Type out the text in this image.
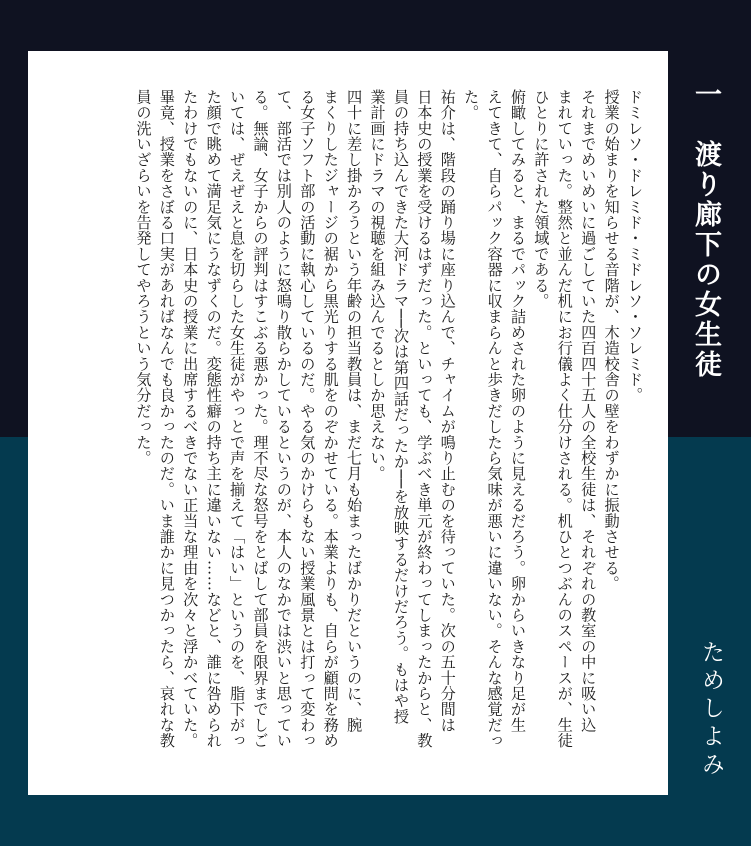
ドミレソ・ドレミド・ミドレソ・ソレミド。
授業の始まりを知らせる音階が、木造校舎の壁をわずかに振動させる。
それまでめいめいに過ごしていた四百四十五人の全校生徒は、それぞれの教室の中に吸い込
まれていった。整然と並んだ机にお行儀よく仕分けされる。机ひとつぶんのスペースが、生徒
ひとりに許された領域である。
俯瞰してみると、まるでパック詰めされた卵のように見えるだろう。卵からいきなり足が生
えてきて、自らパック容器に収まらんと歩きだしたら気味が悪いに違いない。そんな感覚だっ
た。
祐介は、階段の踊り場に座り込んで、チャイムが鳴り止むのを待っていた。次の五十分間は
日本史の授業を受けるはずだった。といっても、学ぶべき単元が終わってしまったからと、教
員の持ち込んできた大河ドラマ──次は第四話だったか──を放映するだけだろう。もはや授
業計画にドラマの視聴を組み込んでるとしか思えない。
四十に差し掛かろうという年齢の担当教員は、まだ七月も始まったばかりだというのに、腕
まくりしたジャージの裾から黒光りする肌をのぞかせている。本業よりも、自らが顧問を務め
る女子ソフト部の活動に執心しているのだ。やる気のかけらもない授業風景とは打って変わっ
て、部活では別人のように怒鳴り散らかしているというのが、本人のなかでは渋いと思ってい
る。無論、女子からの評判はすこぶる悪かった。理不尽な怒号をとばして部員を限界までしご
いては、ぜえぜえと息を切らした女生徒がやっとで声を揃えて「はい」というのを、脂下がっ
た顔で眺めて満足気にうなずくのだ。変態性癖の持ち主に違いない……などと、誰に咎められ
たわけでもないのに、日本史の授業に出席するべきでない正当な理由を次々と浮かべていた。
畢竟、授業をさぼる口実があればなんでも良かったのだ。いま誰かに見つかったら、哀れな教
員の洗いざらいを告発してやろうという気分だった。	一　渡り廊下の女生徒
ためしよみ
